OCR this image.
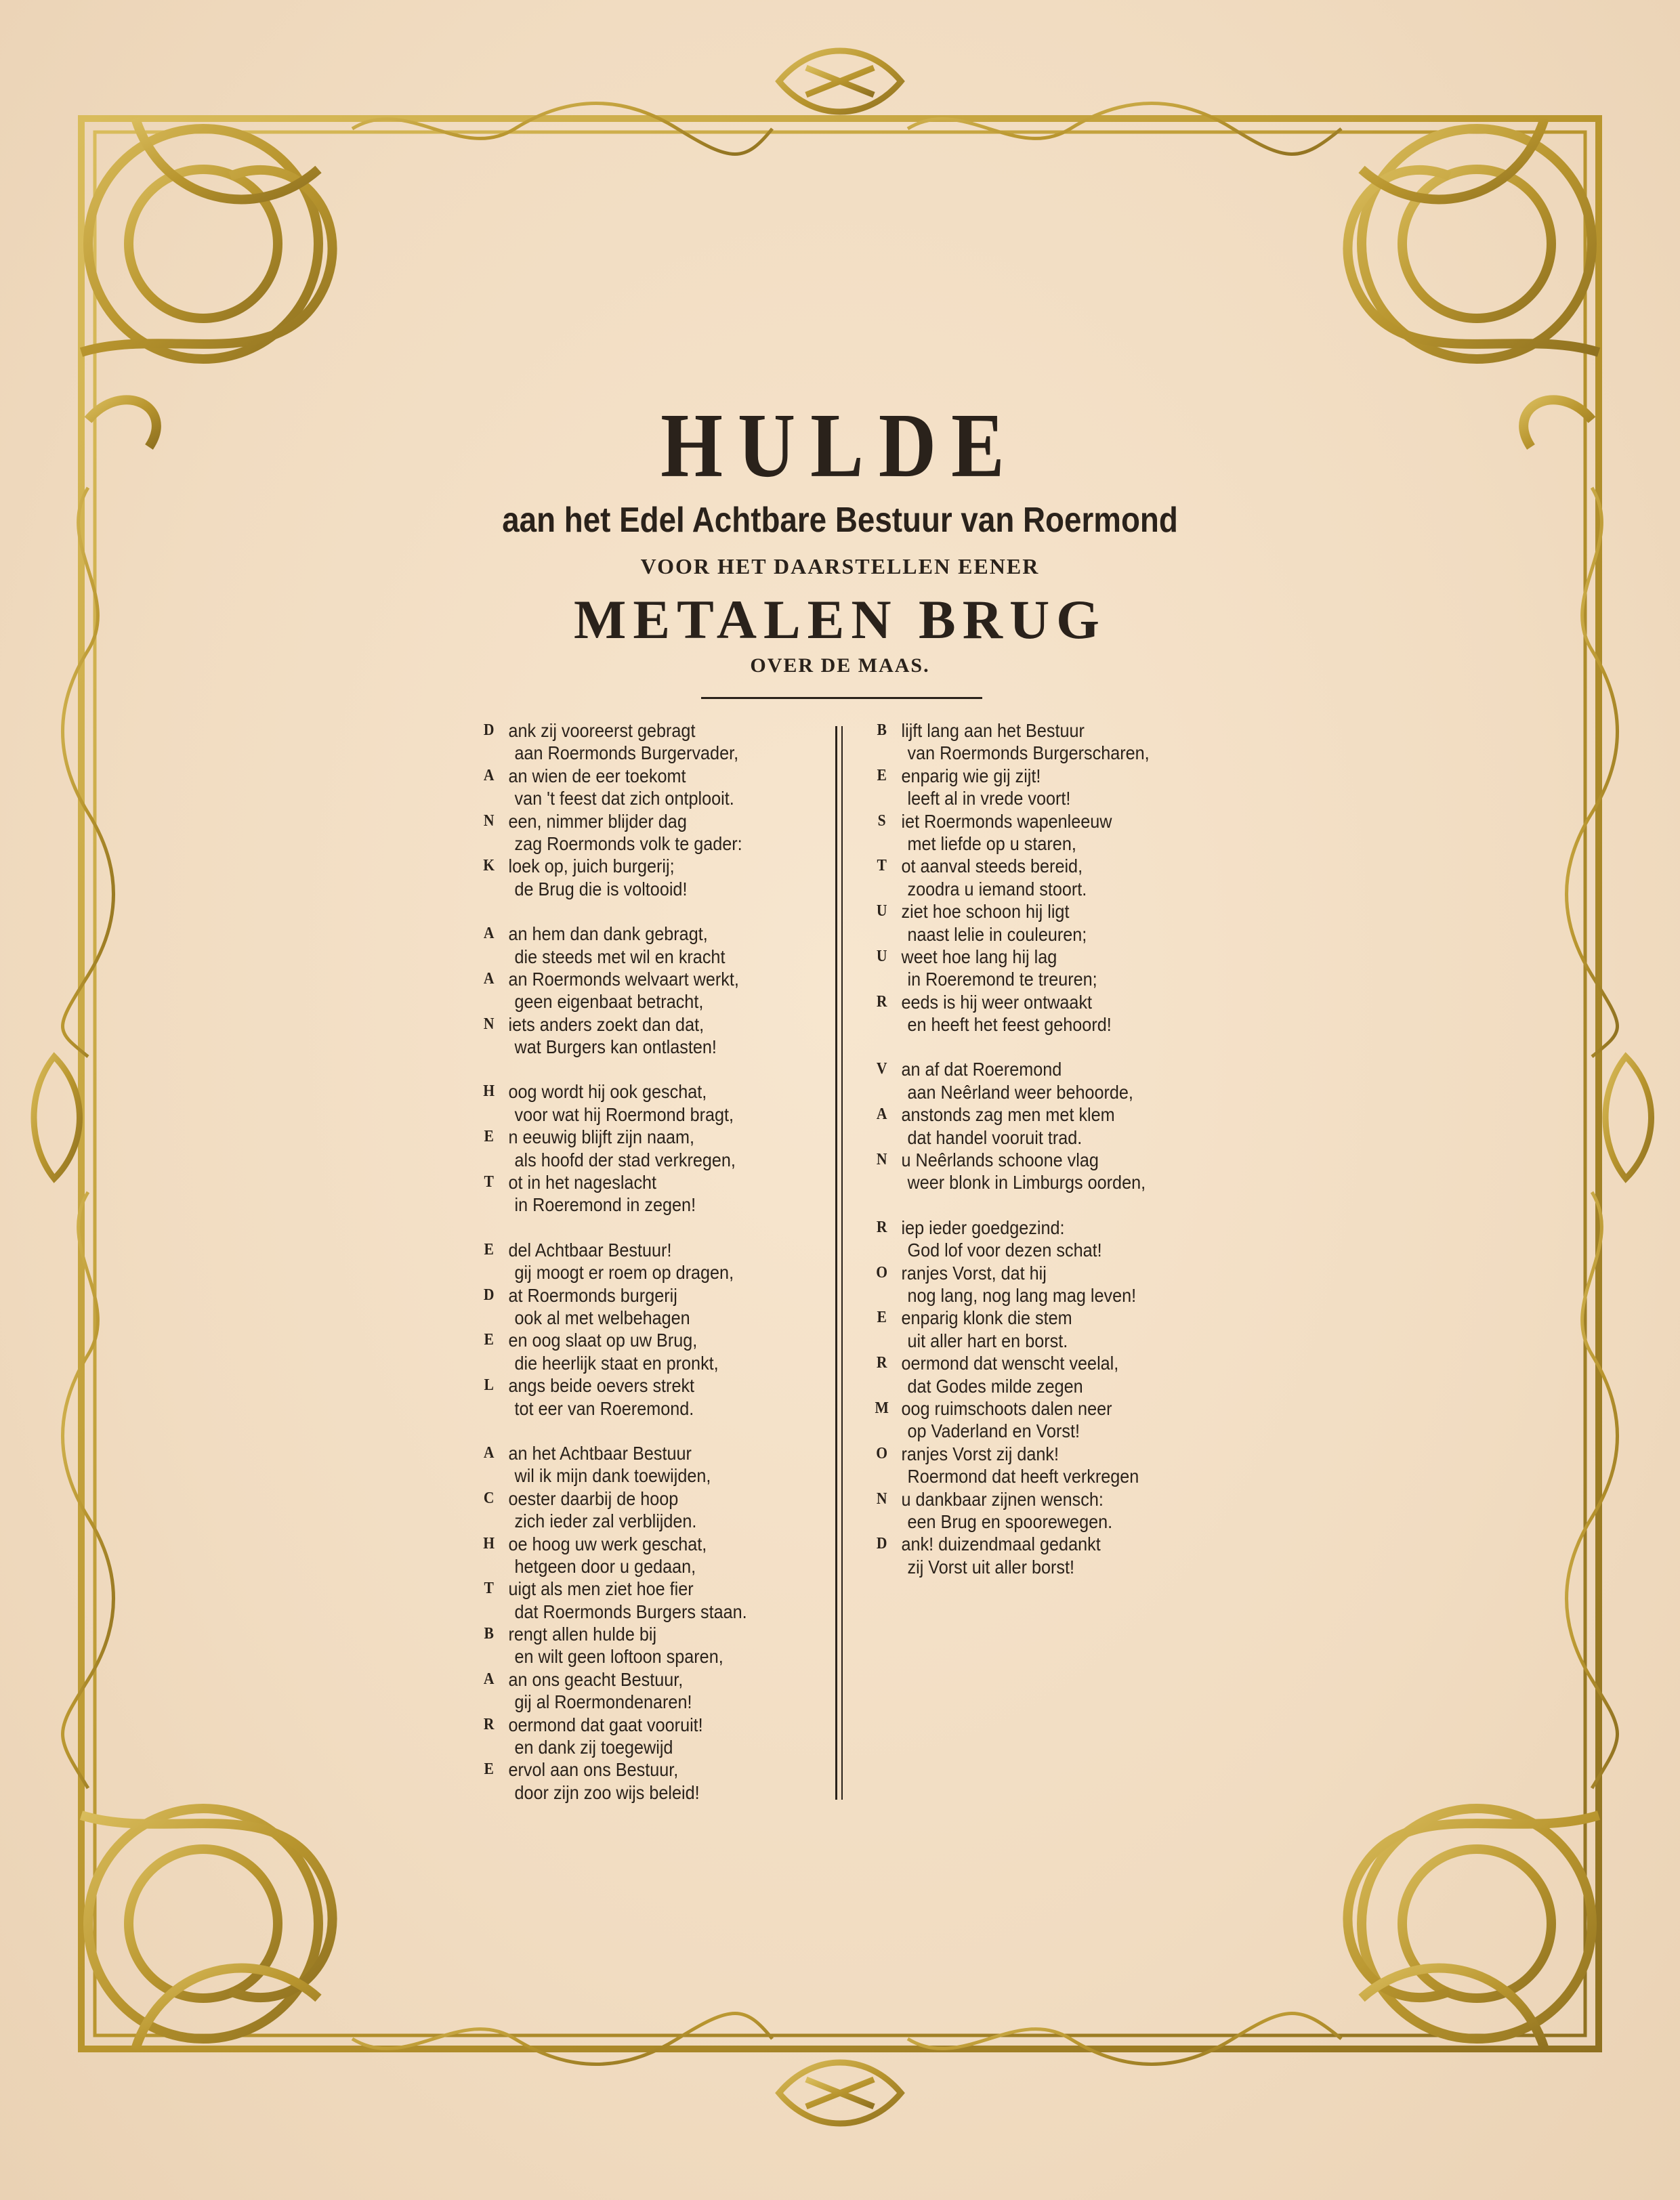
HULDE
aan het Edel Achtbare Bestuur van Roermond
VOOR HET DAARSTELLEN EENER
METALEN BRUG
OVER DE MAAS.
D ank zij vooreerst gebragt
aan Roermonds Burgervader,
A an wien de eer toekomt
van 't feest dat zich ontplooit.
N een, nimmer blijder dag
zag Roermonds volk te gader:
K loek op, juich burgerij;
de Brug die is voltooid!
A an hem dan dank gebragt,
die steeds met wil en kracht
A an Roermonds welvaart werkt,
geen eigenbaat betracht,
N iets anders zoekt dan dat,
wat Burgers kan ontlasten!
H oog wordt hij ook geschat,
voor wat hij Roermond bragt,
E n eeuwig blijft zijn naam,
als hoofd der stad verkregen,
T ot in het nageslacht
in Roeremond in zegen!
E del Achtbaar Bestuur!
gij moogt er roem op dragen,
D at Roermonds burgerij
ook al met welbehagen
E en oog slaat op uw Brug,
die heerlijk staat en pronkt,
L angs beide oevers strekt
tot eer van Roeremond.
A an het Achtbaar Bestuur
wil ik mijn dank toewijden,
C oester daarbij de hoop
zich ieder zal verblijden.
H oe hoog uw werk geschat,
hetgeen door u gedaan,
T uigt als men ziet hoe fier
dat Roermonds Burgers staan.
B rengt allen hulde bij
en wilt geen loftoon sparen,
A an ons geacht Bestuur,
gij al Roermondenaren!
R oermond dat gaat vooruit!
en dank zij toegewijd
E ervol aan ons Bestuur,
door zijn zoo wijs beleid!
B lijft lang aan het Bestuur
van Roermonds Burgerscharen,
E enparig wie gij zijt!
leeft al in vrede voort!
S iet Roermonds wapenleeuw
met liefde op u staren,
T ot aanval steeds bereid,
zoodra u iemand stoort.
U ziet hoe schoon hij ligt
naast lelie in couleuren;
U weet hoe lang hij lag
in Roeremond te treuren;
R eeds is hij weer ontwaakt
en heeft het feest gehoord!
V an af dat Roeremond
aan Neêrland weer behoorde,
A anstonds zag men met klem
dat handel vooruit trad.
N u Neêrlands schoone vlag
weer blonk in Limburgs oorden,
R iep ieder goedgezind:
God lof voor dezen schat!
O ranjes Vorst, dat hij
nog lang, nog lang mag leven!
E enparig klonk die stem
uit aller hart en borst.
R oermond dat wenscht veelal,
dat Godes milde zegen
M oog ruimschoots dalen neer
op Vaderland en Vorst!
O ranjes Vorst zij dank!
Roermond dat heeft verkregen
N u dankbaar zijnen wensch:
een Brug en spoorewegen.
D ank! duizendmaal gedankt
zij Vorst uit aller borst!
